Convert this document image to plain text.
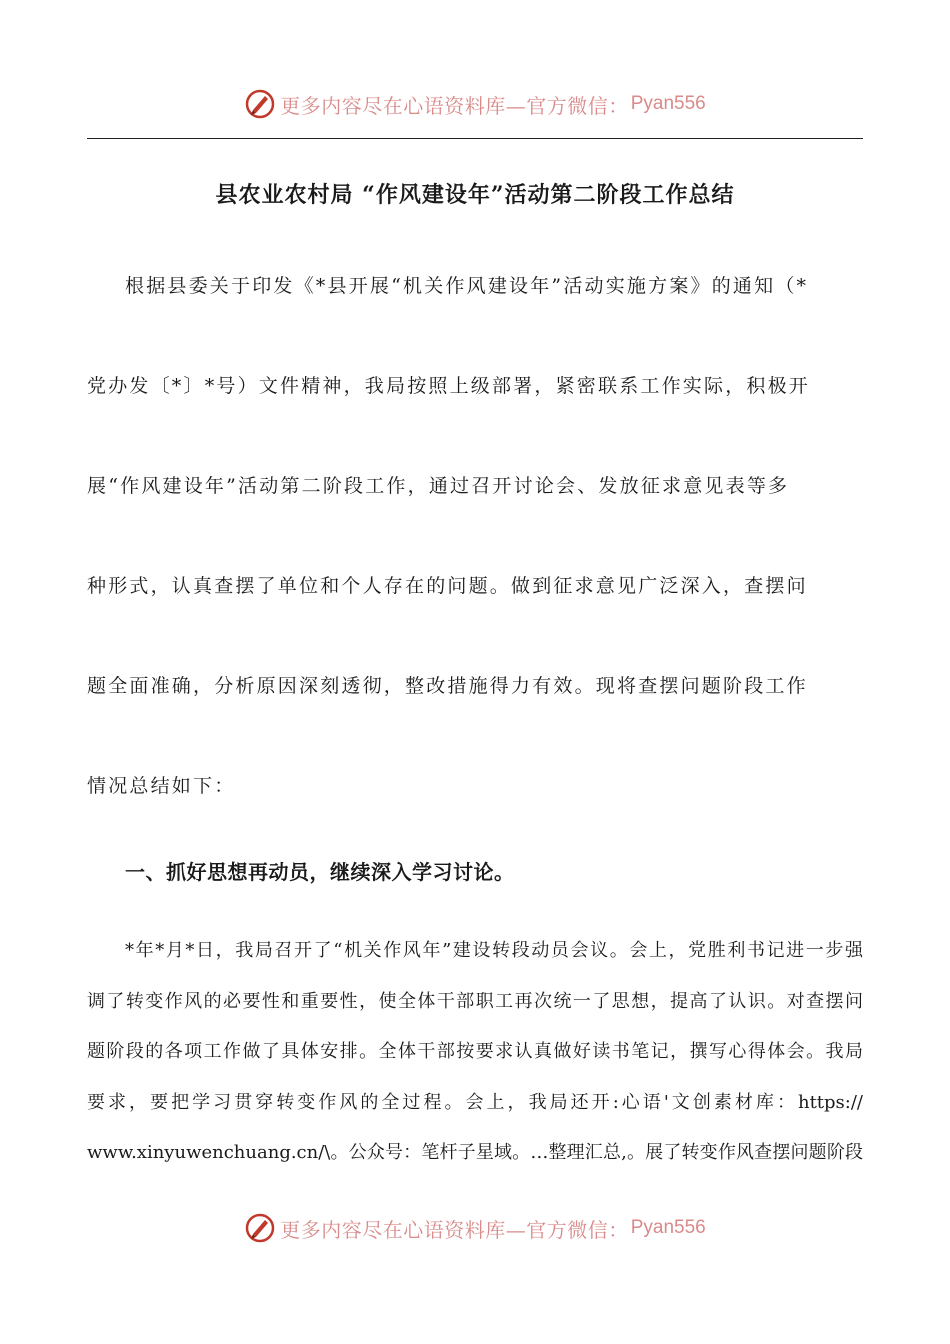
更多内容尽在心语资料库—官方微信： Pyan556
县农业农村局 “作风建设年”活动第二阶段工作总结
根据县委关于印发《*县开展“机关作风建设年”活动实施方案》的通知（*
党办发〔*〕*号）文件精神，我局按照上级部署，紧密联系工作实际，积极开
展“作风建设年”活动第二阶段工作，通过召开讨论会、发放征求意见表等多
种形式，认真查摆了单位和个人存在的问题。做到征求意见广泛深入，查摆问
题全面准确，分析原因深刻透彻，整改措施得力有效。现将查摆问题阶段工作
情况总结如下：
一、抓好思想再动员，继续深入学习讨论。
*年*月*日，我局召开了“机关作风年”建设转段动员会议。会上，党胜利书记进一步强
调了转变作风的必要性和重要性，使全体干部职工再次统一了思想，提高了认识。对查摆问
题阶段的各项工作做了具体安排。全体干部按要求认真做好读书笔记，撰写心得体会。我局
要求，要把学习贯穿转变作风的全过程。会上，我局还开:心语'文创素材库：https://
www.xinyuwenchuang.cn/\。公众号：笔杆子星域。…整理汇总,。展了转变作风查摆问题阶段
更多内容尽在心语资料库—官方微信： Pyan556
